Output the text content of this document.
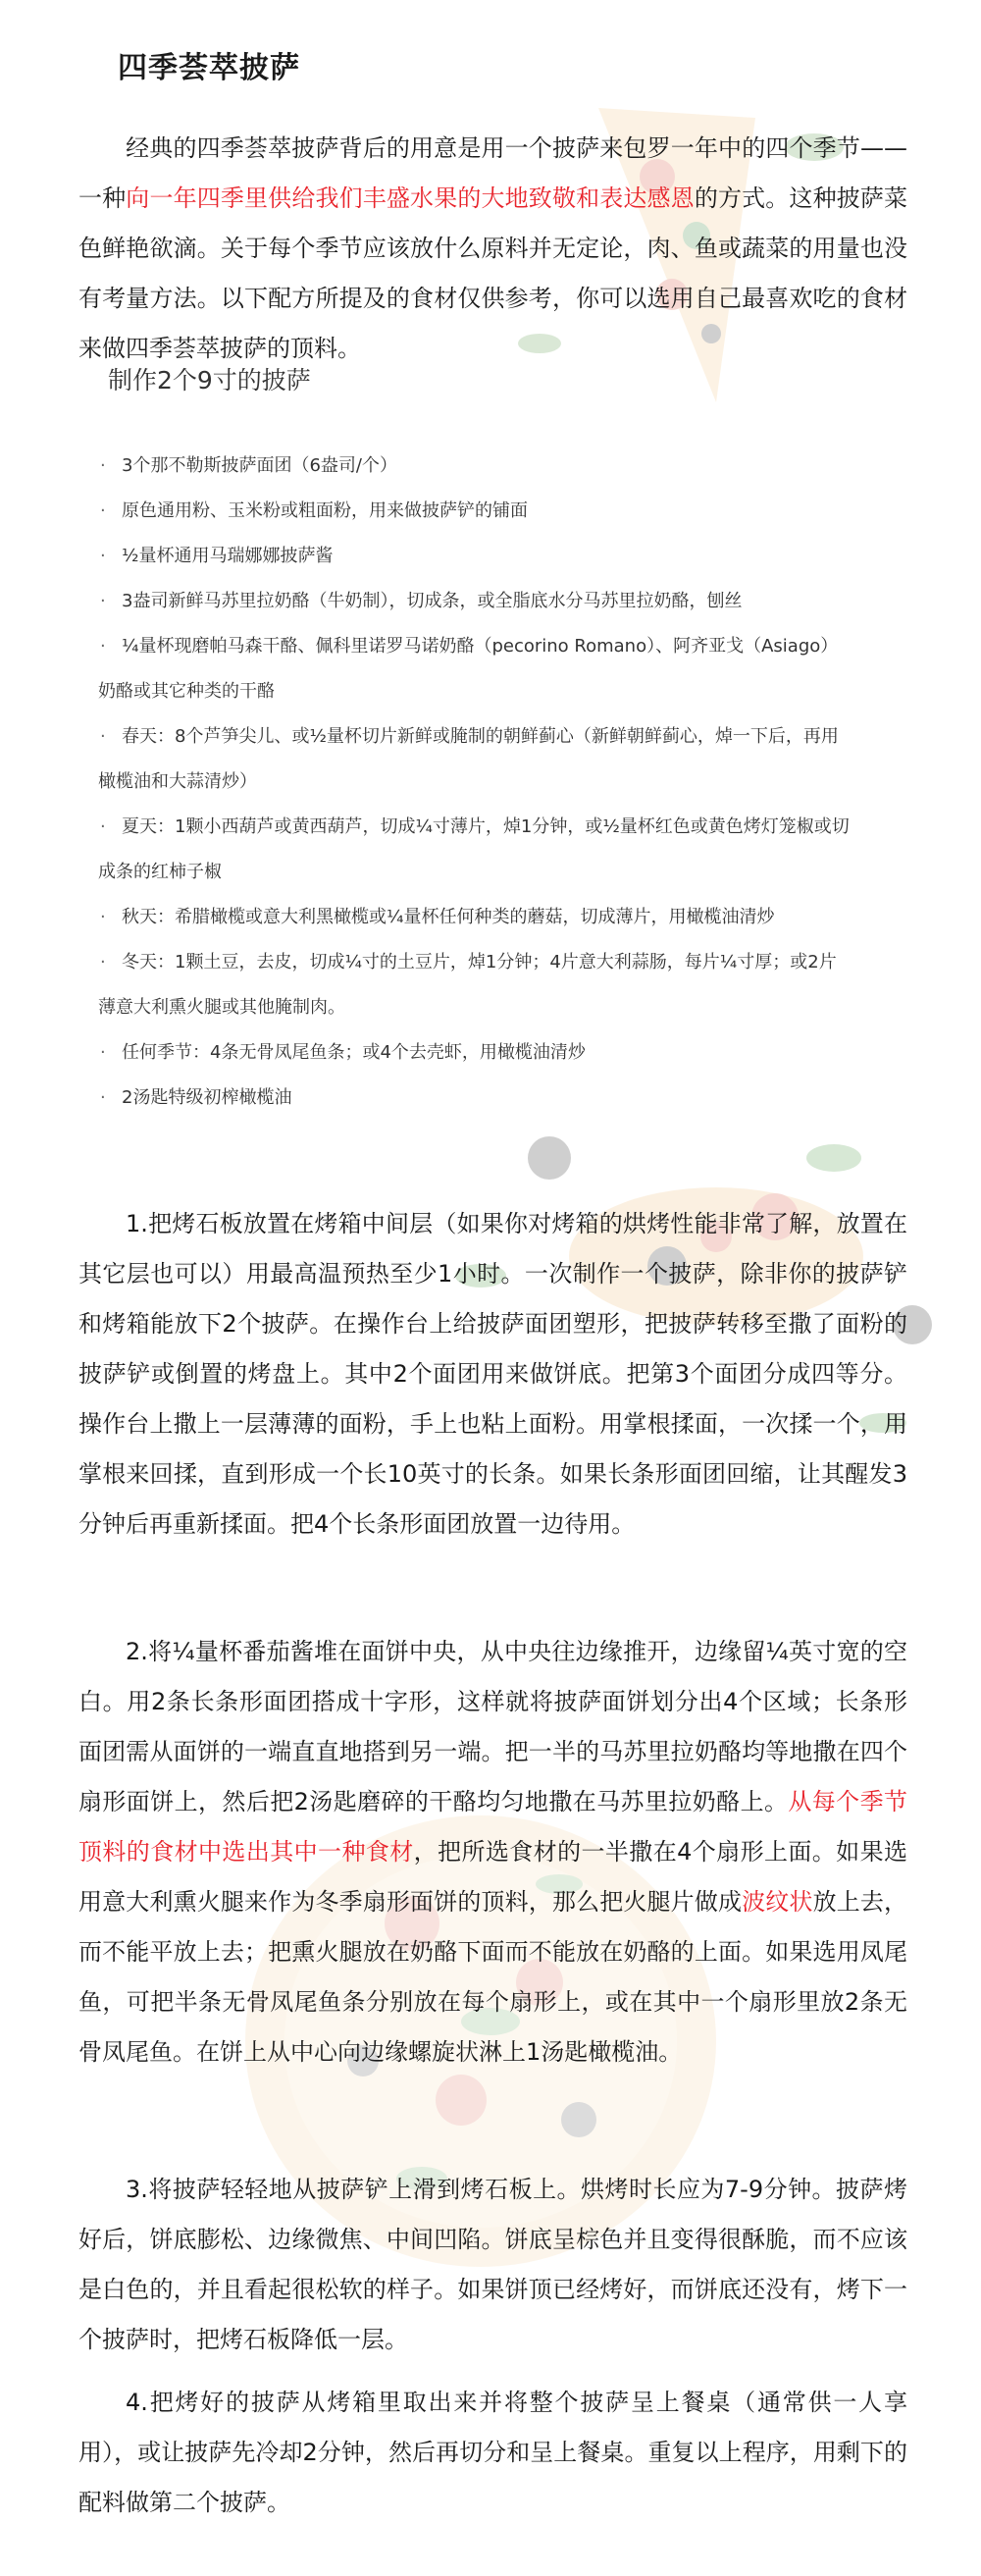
四季荟萃披萨

经典的四季荟萃披萨背后的用意是用一个披萨来包罗一年中的四个季节——一种向一年四季里供给我们丰盛水果的大地致敬和表达感恩的方式。这种披萨菜色鲜艳欲滴。关于每个季节应该放什么原料并无定论，肉、鱼或蔬菜的用量也没有考量方法。以下配方所提及的食材仅供参考，你可以选用自己最喜欢吃的食材来做四季荟萃披萨的顶料。

制作2个9寸的披萨
· 3个那不勒斯披萨面团（6盎司/个）
· 原色通用粉、玉米粉或粗面粉，用来做披萨铲的铺面
· ½量杯通用马瑞娜娜披萨酱
· 3盎司新鲜马苏里拉奶酪（牛奶制），切成条，或全脂底水分马苏里拉奶酪，刨丝
· ¼量杯现磨帕马森干酪、佩科里诺罗马诺奶酪（pecorino Romano）、阿齐亚戈（Asiago）
奶酪或其它种类的干酪
· 春天：8个芦笋尖儿、或½量杯切片新鲜或腌制的朝鲜蓟心（新鲜朝鲜蓟心，焯一下后，再用
橄榄油和大蒜清炒）
· 夏天：1颗小西葫芦或黄西葫芦，切成¼寸薄片，焯1分钟，或½量杯红色或黄色烤灯笼椒或切
成条的红柿子椒
· 秋天：希腊橄榄或意大利黑橄榄或¼量杯任何种类的蘑菇，切成薄片，用橄榄油清炒
· 冬天：1颗土豆，去皮，切成¼寸的土豆片，焯1分钟；4片意大利蒜肠，每片¼寸厚；或2片
薄意大利熏火腿或其他腌制肉。
· 任何季节：4条无骨凤尾鱼条；或4个去壳虾，用橄榄油清炒
· 2汤匙特级初榨橄榄油

1.把烤石板放置在烤箱中间层（如果你对烤箱的烘烤性能非常了解，放置在其它层也可以）用最高温预热至少1小时。一次制作一个披萨，除非你的披萨铲和烤箱能放下2个披萨。在操作台上给披萨面团塑形，把披萨转移至撒了面粉的披萨铲或倒置的烤盘上。其中2个面团用来做饼底。把第3个面团分成四等分。操作台上撒上一层薄薄的面粉，手上也粘上面粉。用掌根揉面，一次揉一个，用掌根来回揉，直到形成一个长10英寸的长条。如果长条形面团回缩，让其醒发3分钟后再重新揉面。把4个长条形面团放置一边待用。

2.将¼量杯番茄酱堆在面饼中央，从中央往边缘推开，边缘留¼英寸宽的空白。用2条长条形面团搭成十字形，这样就将披萨面饼划分出4个区域；长条形面团需从面饼的一端直直地搭到另一端。把一半的马苏里拉奶酪均等地撒在四个扇形面饼上，然后把2汤匙磨碎的干酪均匀地撒在马苏里拉奶酪上。从每个季节顶料的食材中选出其中一种食材，把所选食材的一半撒在4个扇形上面。如果选用意大利熏火腿来作为冬季扇形面饼的顶料，那么把火腿片做成波纹状放上去，而不能平放上去；把熏火腿放在奶酪下面而不能放在奶酪的上面。如果选用凤尾鱼，可把半条无骨凤尾鱼条分别放在每个扇形上，或在其中一个扇形里放2条无骨凤尾鱼。在饼上从中心向边缘螺旋状淋上1汤匙橄榄油。

3.将披萨轻轻地从披萨铲上滑到烤石板上。烘烤时长应为7-9分钟。披萨烤好后，饼底膨松、边缘微焦、中间凹陷。饼底呈棕色并且变得很酥脆，而不应该是白色的，并且看起很松软的样子。如果饼顶已经烤好，而饼底还没有，烤下一个披萨时，把烤石板降低一层。

4.把烤好的披萨从烤箱里取出来并将整个披萨呈上餐桌（通常供一人享用），或让披萨先冷却2分钟，然后再切分和呈上餐桌。重复以上程序，用剩下的配料做第二个披萨。
